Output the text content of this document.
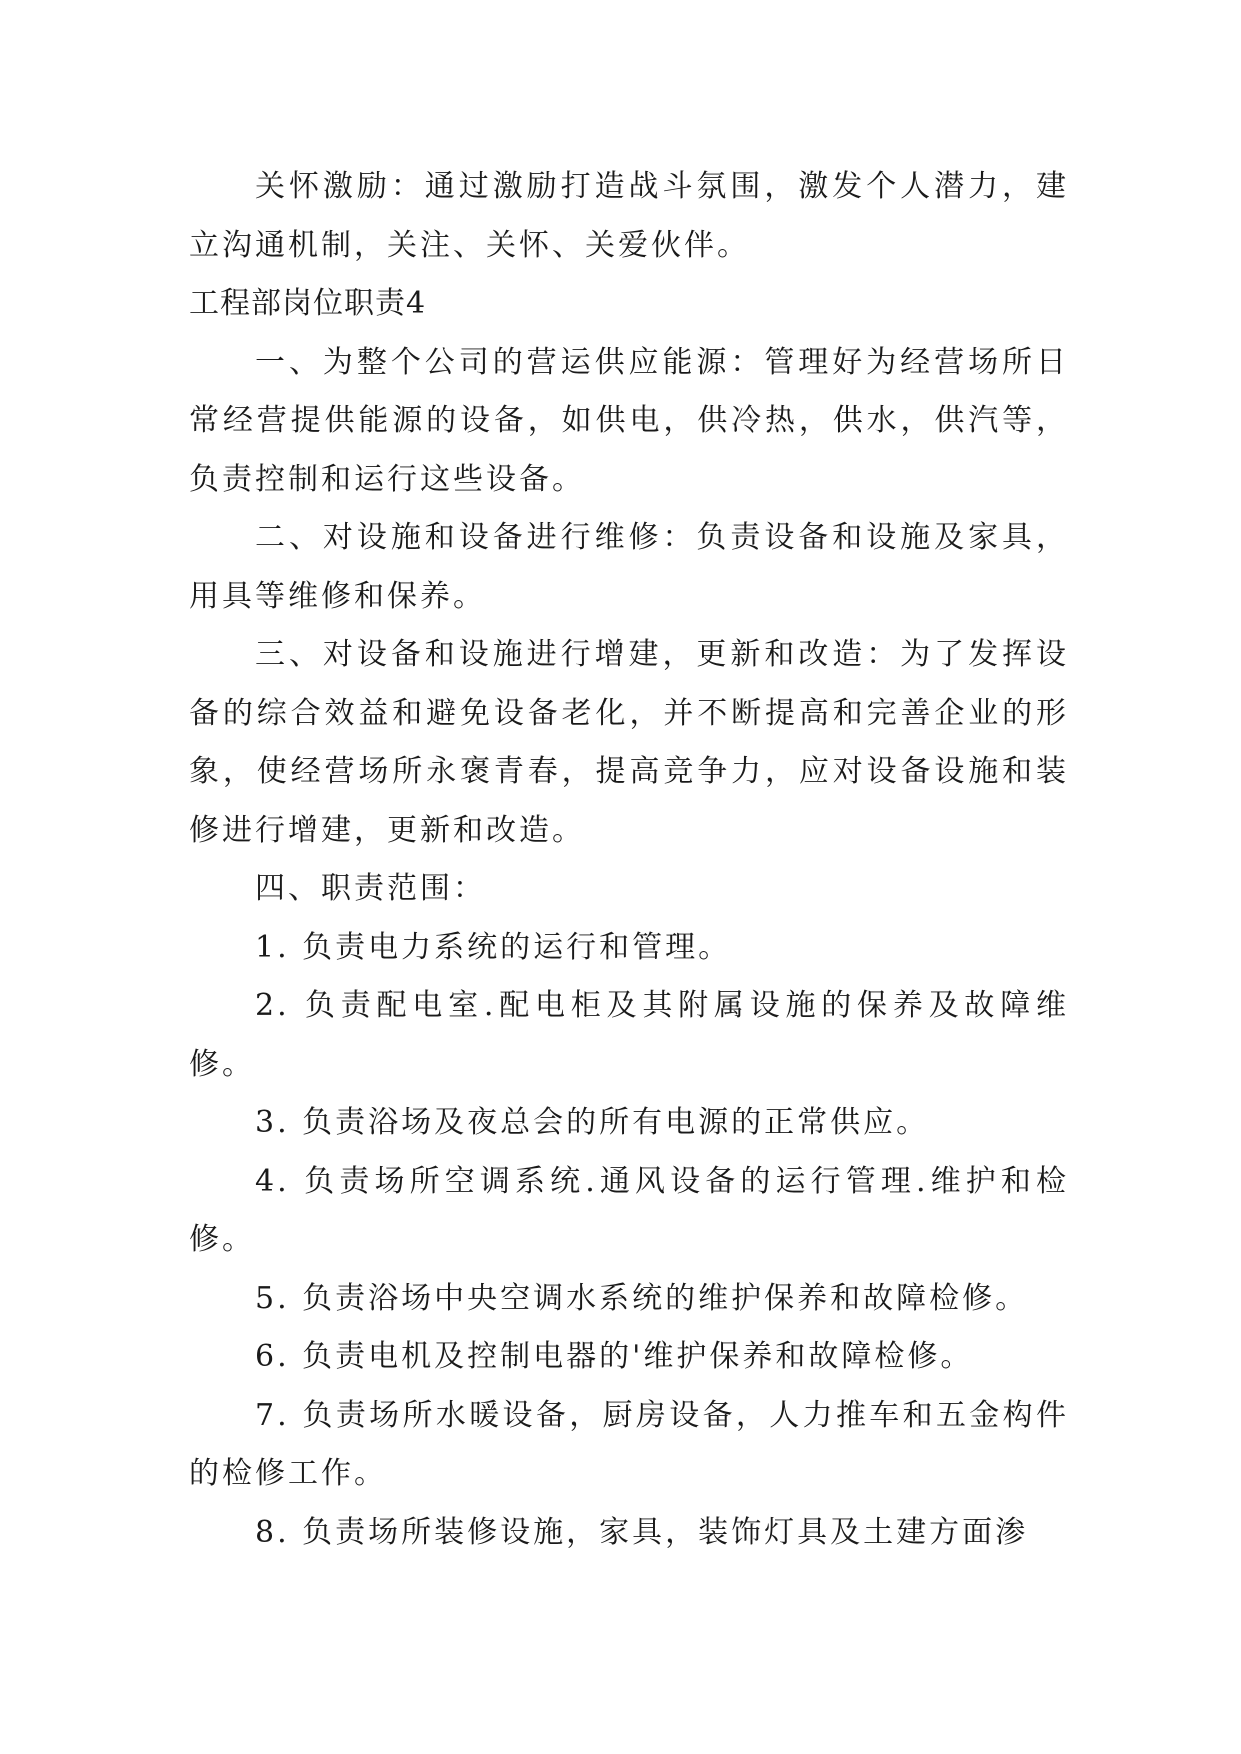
关怀激励：通过激励打造战斗氛围，激发个人潜力，建立沟通机制，关注、关怀、关爱伙伴。

工程部岗位职责4

一、为整个公司的营运供应能源：管理好为经营场所日常经营提供能源的设备，如供电，供冷热，供水，供汽等，负责控制和运行这些设备。

二、对设施和设备进行维修：负责设备和设施及家具，用具等维修和保养。

三、对设备和设施进行增建，更新和改造：为了发挥设备的综合效益和避免设备老化，并不断提高和完善企业的形象，使经营场所永褒青春，提高竞争力，应对设备设施和装修进行增建，更新和改造。

四、职责范围：

1. 负责电力系统的运行和管理。

2. 负责配电室.配电柜及其附属设施的保养及故障维修。

3. 负责浴场及夜总会的所有电源的正常供应。

4. 负责场所空调系统.通风设备的运行管理.维护和检修。

5. 负责浴场中央空调水系统的维护保养和故障检修。

6. 负责电机及控制电器的'维护保养和故障检修。

7. 负责场所水暖设备，厨房设备，人力推车和五金构件的检修工作。

8. 负责场所装修设施，家具，装饰灯具及土建方面渗
